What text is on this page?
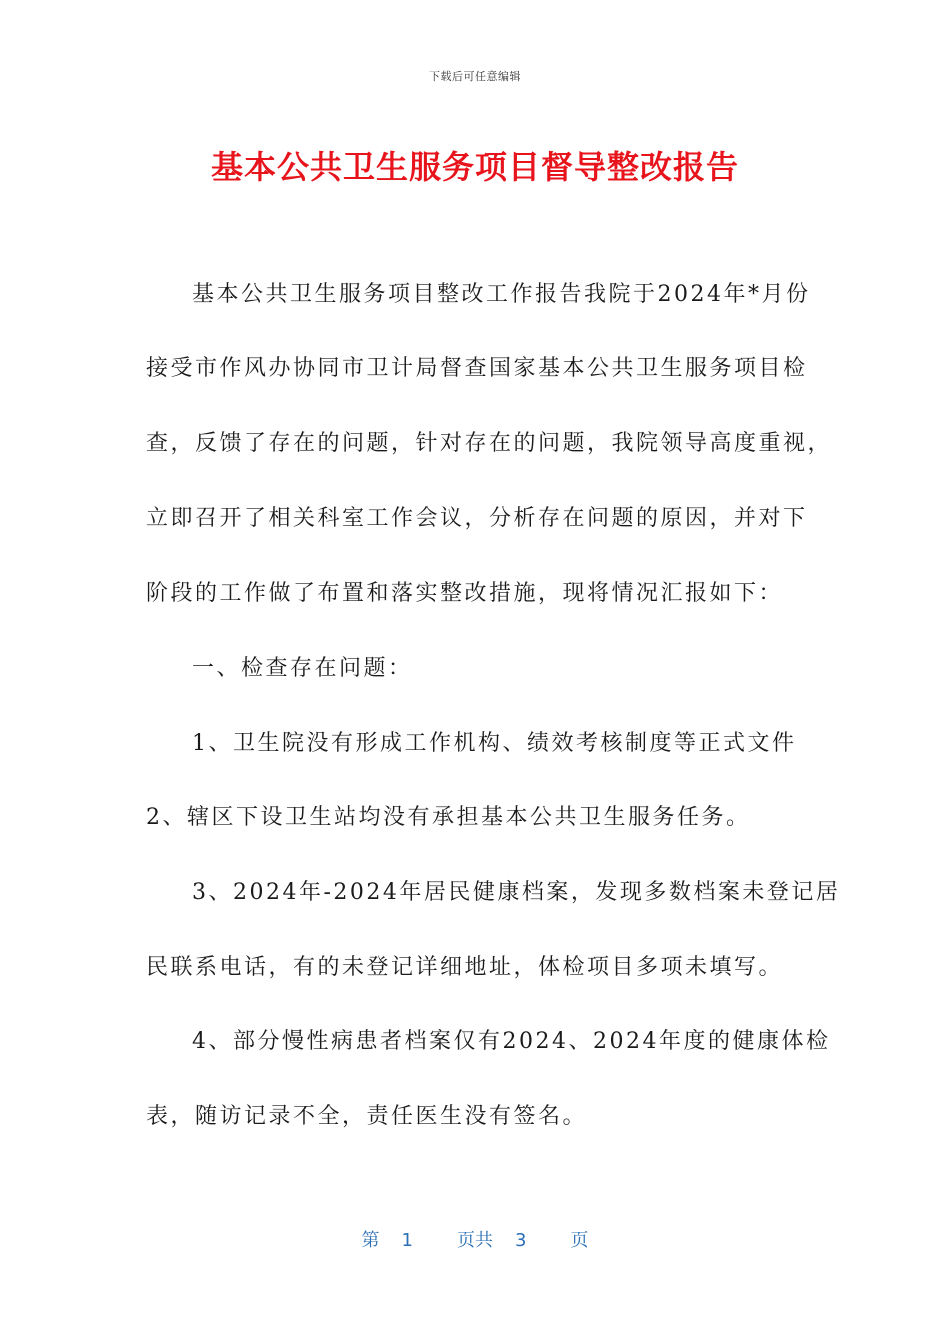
下载后可任意编辑
基本公共卫生服务项目督导整改报告
基本公共卫生服务项目整改工作报告我院于2024年*月份
接受市作风办协同市卫计局督查国家基本公共卫生服务项目检
查，反馈了存在的问题，针对存在的问题，我院领导高度重视，
立即召开了相关科室工作会议，分析存在问题的原因，并对下
阶段的工作做了布置和落实整改措施，现将情况汇报如下：
一、检查存在问题：
1、卫生院没有形成工作机构、绩效考核制度等正式文件
2、辖区下设卫生站均没有承担基本公共卫生服务任务。
3、2024年-2024年居民健康档案，发现多数档案未登记居
民联系电话，有的未登记详细地址，体检项目多项未填写。
4、部分慢性病患者档案仅有2024、2024年度的健康体检
表，随访记录不全，责任医生没有签名。
第 1 页共 3 页
